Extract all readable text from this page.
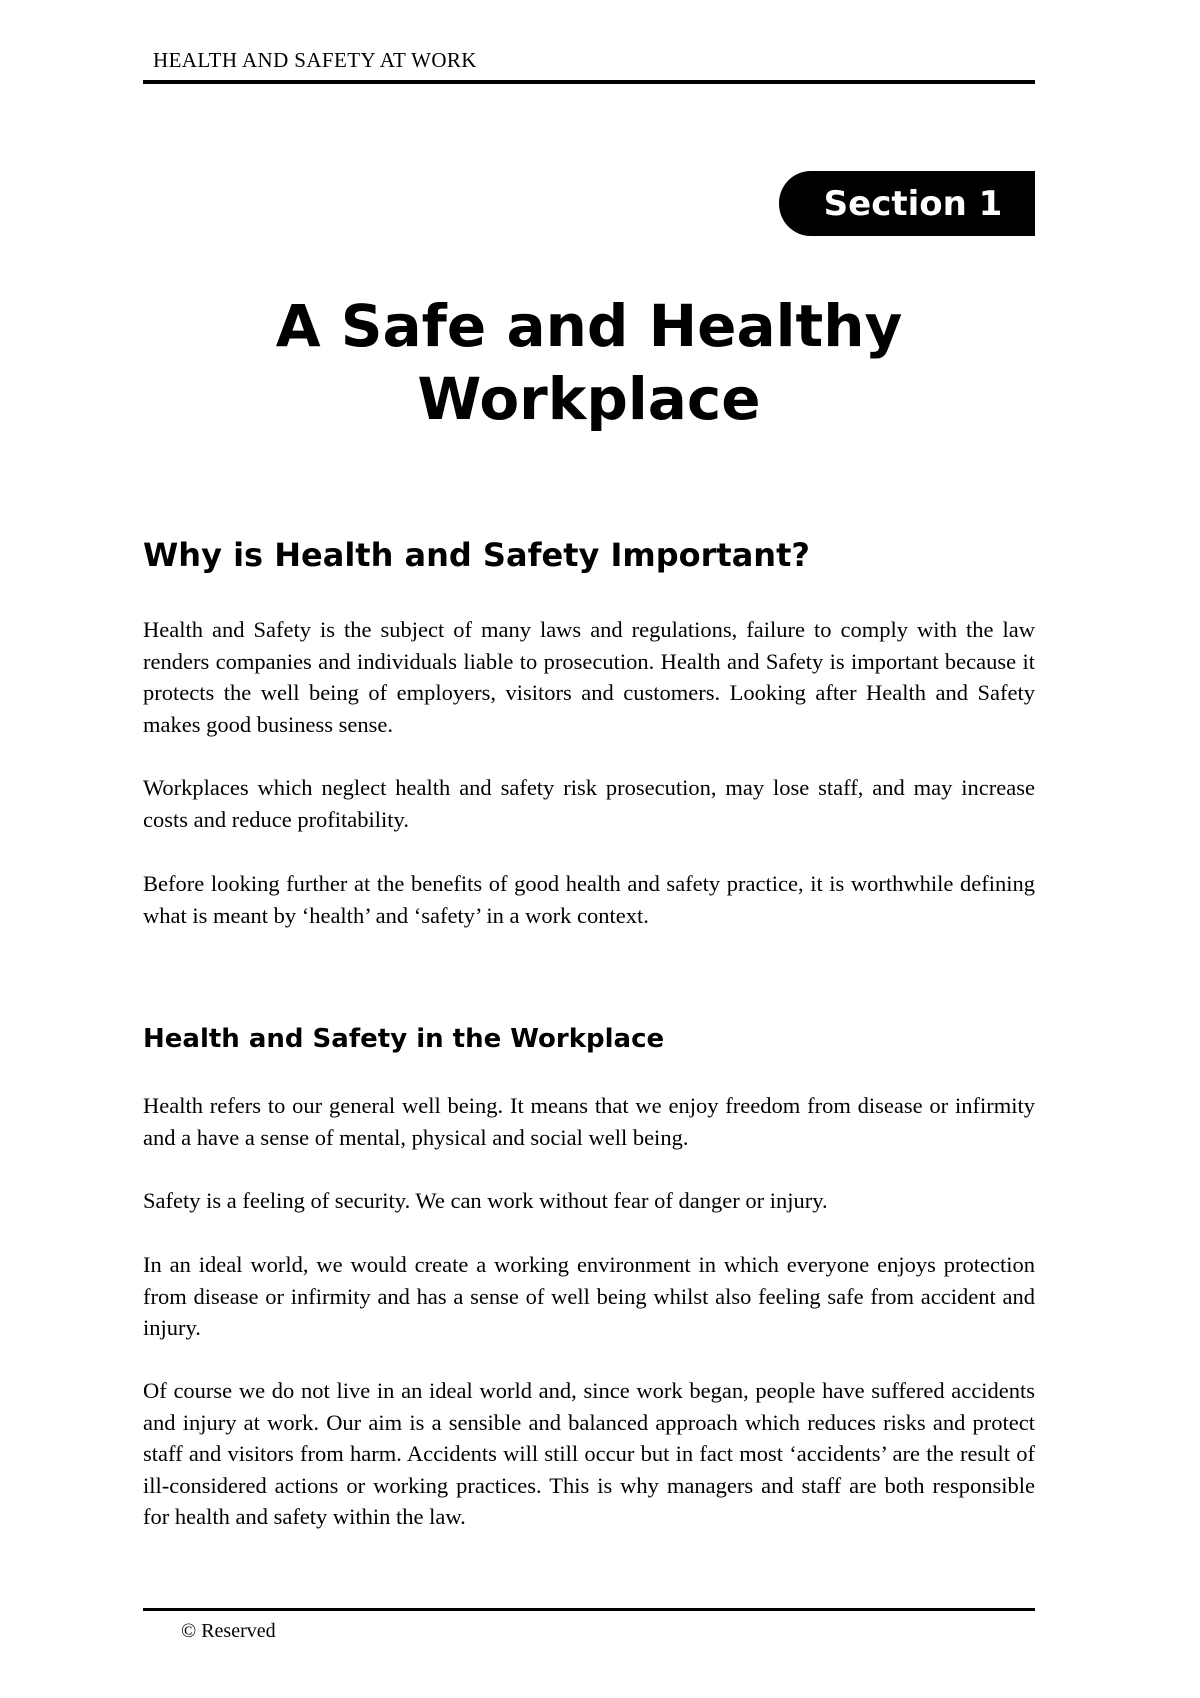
HEALTH AND SAFETY AT WORK
Section 1
A Safe and Healthy
Workplace
Why is Health and Safety Important?

Health and Safety is the subject of many laws and regulations, failure to comply with the law renders companies and individuals liable to prosecution. Health and Safety is important because it protects the well being of employers, visitors and customers. Looking after Health and Safety makes good business sense.

Workplaces which neglect health and safety risk prosecution, may lose staff, and may increase costs and reduce profitability.

Before looking further at the benefits of good health and safety practice, it is worthwhile defining what is meant by ‘health’ and ‘safety’ in a work context.

Health and Safety in the Workplace

Health refers to our general well being. It means that we enjoy freedom from disease or infirmity and a have a sense of mental, physical and social well being.

Safety is a feeling of security. We can work without fear of danger or injury.

In an ideal world, we would create a working environment in which everyone enjoys protection from disease or infirmity and has a sense of well being whilst also feeling safe from accident and injury.

Of course we do not live in an ideal world and, since work began, people have suffered accidents and injury at work. Our aim is a sensible and balanced approach which reduces risks and protect staff and visitors from harm. Accidents will still occur but in fact most ‘accidents’ are the result of ill-considered actions or working practices. This is why managers and staff are both responsible for health and safety within the law.

© Reserved
